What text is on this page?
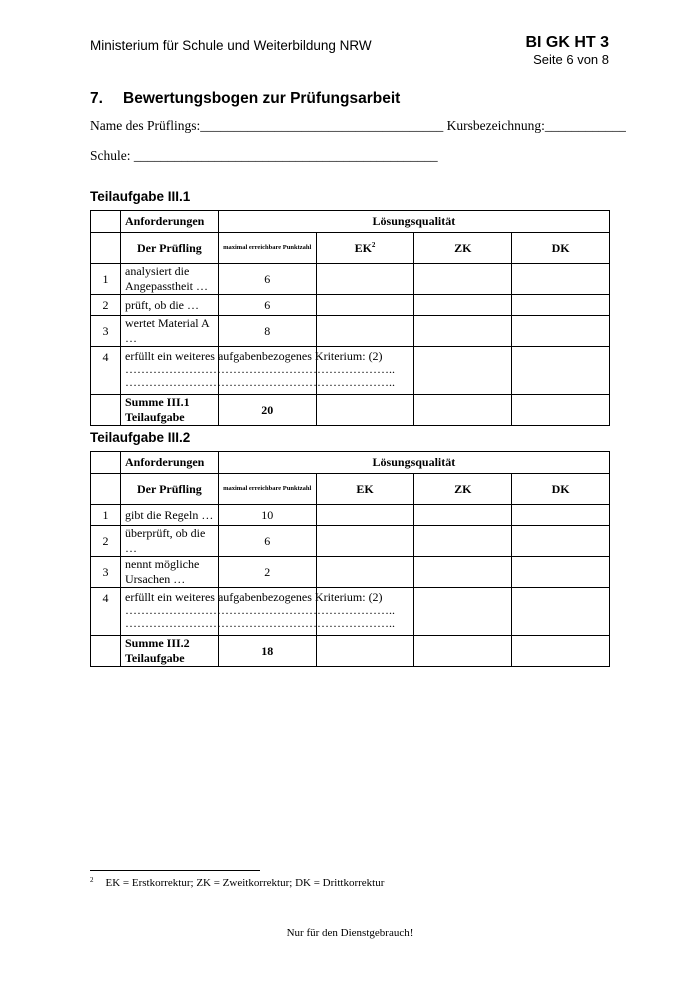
Ministerium für Schule und Weiterbildung NRW	BI GK HT 3
Seite 6 von 8
7. Bewertungsbogen zur Prüfungsarbeit
Name des Prüflings:____________________________________ Kursbezeichnung:____________
Schule: _____________________________________________
Teilaufgabe III.1
	Anforderungen	Lösungsqualität			
	Der Prüfling	maximal erreichbare Punktzahl	$EK^2$	ZK	DK
1	analysiert die Angepasstheit …	6			
2	prüft, ob die …	6			
3	wertet Material A …	8			
4	erfüllt ein weiteres aufgabenbezogenes Kriterium: (2)
…………………………………………………………..
…………………………………………………………..				

	Summe III.1 Teilaufgabe	20			
Teilaufgabe III.2
	Anforderungen	Lösungsqualität			
	Der Prüfling	maximal erreichbare Punktzahl	EK	ZK	DK
1	gibt die Regeln …	10			
2	überprüft, ob die …	6			
3	nennt mögliche Ursachen …	2			
4	erfüllt ein weiteres aufgabenbezogenes Kriterium: (2)
…………………………………………………………..
…………………………………………………………..				

	Summe III.2 Teilaufgabe	18			
$^2$ EK = Erstkorrektur; ZK = Zweitkorrektur; DK = Drittkorrektur
Nur für den Dienstgebrauch!
